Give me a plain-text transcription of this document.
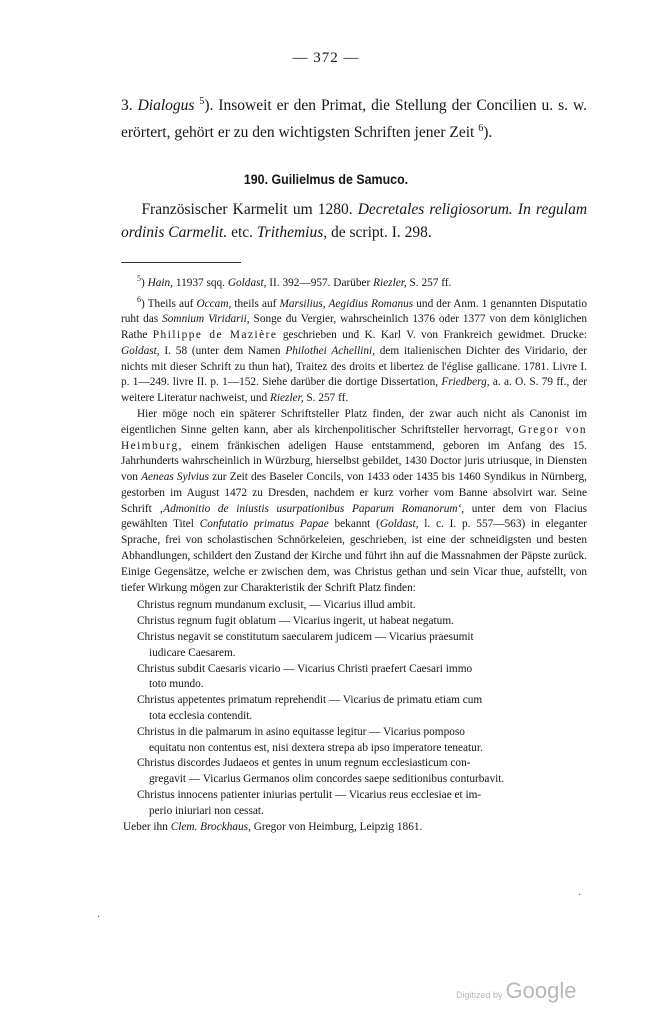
— 372 —
3. Dialogus $^5$). Insoweit er den Primat, die Stellung der Concilien u. s. w. erörtert, gehört er zu den wichtigsten Schriften jener Zeit $^6$).
190. Guilielmus de Samuco.
Französischer Karmelit um 1280. Decretales religiosorum. In regulam ordinis Carmelit. etc. Trithemius, de script. I. 298.

$^5$) Hain, 11937 sqq. Goldast, II. 392—957. Darüber Riezler, S. 257 ff.

$^6$) Theils auf Occam, theils auf Marsilius, Aegidius Romanus und der Anm. 1 genannten Disputatio ruht das Somnium Viridarii, Songe du Vergier, wahrscheinlich 1376 oder 1377 von dem königlichen Rathe Philippe de Mazière geschrieben und K. Karl V. von Frankreich gewidmet. Drucke: Goldast, I. 58 (unter dem Namen Philothei Achellini, dem italienischen Dichter des Viridario, der nichts mit dieser Schrift zu thun hat), Traitez des droits et libertez de l'église gallicane. 1781. Livre I. p. 1—249. livre II. p. 1—152. Siehe darüber die dortige Dissertation, Friedberg, a. a. O. S. 79 ff., der weitere Literatur nachweist, und Riezler, S. 257 ff.

Hier möge noch ein späterer Schriftsteller Platz finden, der zwar auch nicht als Canonist im eigentlichen Sinne gelten kann, aber als kirchenpolitischer Schriftsteller hervorragt, Gregor von Heimburg, einem fränkischen adeligen Hause entstammend, geboren im Anfang des 15. Jahrhunderts wahrscheinlich in Würzburg, hierselbst gebildet, 1430 Doctor juris utriusque, in Diensten von Aeneas Sylvius zur Zeit des Baseler Concils, von 1433 oder 1435 bis 1460 Syndikus in Nürnberg, gestorben im August 1472 zu Dresden, nachdem er kurz vorher vom Banne absolvirt war. Seine Schrift ‚Admonitio de iniustis usurpationibus Paparum Romanorum‘, unter dem von Flacius gewählten Titel Confutatio primatus Papae bekannt (Goldast, l. c. I. p. 557—563) in eleganter Sprache, frei von scholastischen Schnörkeleien, geschrieben, ist eine der schneidigsten und besten Abhandlungen, schildert den Zustand der Kirche und führt ihn auf die Massnahmen der Päpste zurück. Einige Gegensätze, welche er zwischen dem, was Christus gethan und sein Vicar thue, aufstellt, von tiefer Wirkung mögen zur Charakteristik der Schrift Platz finden:

Christus regnum mundanum exclusit, — Vicarius illud ambit.

Christus regnum fugit oblatum — Vicarius ingerit, ut habeat negatum.

Christus negavit se constitutum saecularem judicem — Vicarius praesumit
iudicare Caesarem.

Christus subdit Caesaris vicario — Vicarius Christi praefert Caesari immo
toto mundo.

Christus appetentes primatum reprehendit — Vicarius de primatu etiam cum
tota ecclesia contendit.

Christus in die palmarum in asino equitasse legitur — Vicarius pomposo
equitatu non contentus est, nisi dextera strepa ab ipso imperatore teneatur.

Christus discordes Judaeos et gentes in unum regnum ecclesiasticum con-
gregavit — Vicarius Germanos olim concordes saepe seditionibus conturbavit.

Christus innocens patienter iniurias pertulit — Vicarius reus ecclesiae et im-
perio iniuriari non cessat.

Ueber ihn Clem. Brockhaus, Gregor von Heimburg, Leipzig 1861.

·
·
Digitized by Google
